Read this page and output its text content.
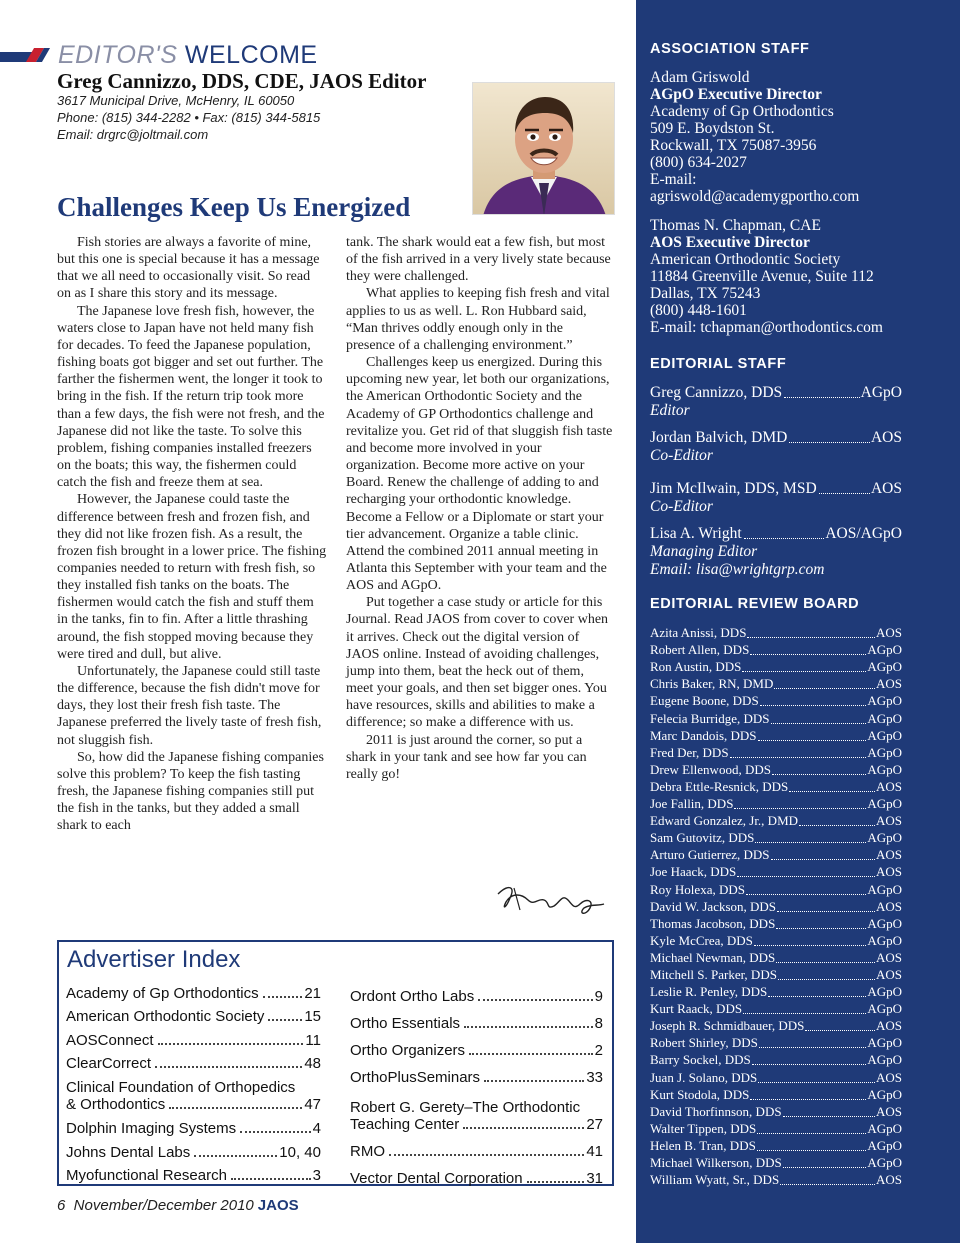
EDITOR'S WELCOME
Greg Cannizzo, DDS, CDE, JAOS Editor
3617 Municipal Drive, McHenry, IL 60050
Phone: (815) 344-2282 • Fax: (815) 344-5815
Email: drgrc@joltmail.com
Challenges Keep Us Energized

Fish stories are always a favorite of mine, but this one is special because it has a message that we all need to occasionally visit. So read on as I share this story and its message.

The Japanese love fresh fish, however, the waters close to Japan have not held many fish for decades. To feed the Japanese population, fishing boats got bigger and set out further. The farther the fishermen went, the longer it took to bring in the fish. If the return trip took more than a few days, the fish were not fresh, and the Japanese did not like the taste. To solve this problem, fishing companies installed freezers on the boats; this way, the fishermen could catch the fish and freeze them at sea.

However, the Japanese could taste the difference between fresh and frozen fish, and they did not like frozen fish. As a result, the frozen fish brought in a lower price. The fishing companies needed to return with fresh fish, so they installed fish tanks on the boats. The fishermen would catch the fish and stuff them in the tanks, fin to fin. After a little thrashing around, the fish stopped moving because they were tired and dull, but alive.

Unfortunately, the Japanese could still taste the difference, because the fish didn't move for days, they lost their fresh fish taste. The Japanese preferred the lively taste of fresh fish, not sluggish fish.

So, how did the Japanese fishing companies solve this problem? To keep the fish tasting fresh, the Japanese fishing companies still put the fish in the tanks, but they added a small shark to each

tank. The shark would eat a few fish, but most of the fish arrived in a very lively state because they were challenged.

What applies to keeping fish fresh and vital applies to us as well. L. Ron Hubbard said, “Man thrives oddly enough only in the presence of a challenging environment.”

Challenges keep us energized. During this upcoming new year, let both our organizations, the American Orthodontic Society and the Academy of GP Orthodontics challenge and revitalize you. Get rid of that sluggish fish taste and become more involved in your organization. Become more active on your Board. Renew the challenge of adding to and recharging your orthodontic knowledge. Become a Fellow or a Diplomate or start your tier advancement. Organize a table clinic. Attend the combined 2011 annual meeting in Atlanta this September with your team and the AOS and AGpO.

Put together a case study or article for this Journal. Read JAOS from cover to cover when it arrives. Check out the digital version of JAOS online. Instead of avoiding challenges, jump into them, beat the heck out of them, meet your goals, and then set bigger ones. You have resources, skills and abilities to make a difference; so make a difference with us.

2011 is just around the corner, so put a shark in your tank and see how far you can really go!

Advertiser Index
Academy of Gp Orthodontics	21
American Orthodontic Society	15
AOSConnect	11
ClearCorrect	48
Clinical Foundation of Orthopedics
& Orthodontics	47
Dolphin Imaging Systems	4
Johns Dental Labs	10, 40
Myofunctional Research	3
Ordont Ortho Labs	9
Ortho Essentials	8
Ortho Organizers	2
OrthoPlusSeminars	33
Robert G. Gerety–The Orthodontic
Teaching Center	27
RMO	41
Vector Dental Corporation	31
6  November/December 2010 JAOS
ASSOCIATION STAFF
Adam Griswold
AGpO Executive Director
Academy of Gp Orthodontics
509 E. Boydston St.
Rockwall, TX 75087-3956
(800) 634-2027
E-mail:
agriswold@academygportho.com
Thomas N. Chapman, CAE
AOS Executive Director
American Orthodontic Society
11884 Greenville Avenue, Suite 112
Dallas, TX 75243
(800) 448-1601
E-mail: tchapman@orthodontics.com
EDITORIAL STAFF
Greg Cannizzo, DDS	AGpO
Editor
Jordan Balvich, DMD	AOS
Co-Editor
Jim McIlwain, DDS, MSD	AOS
Co-Editor
Lisa A. Wright	AOS/AGpO
Managing Editor
Email: lisa@wrightgrp.com
EDITORIAL REVIEW BOARD
Azita Anissi, DDS	AOS
Robert Allen, DDS	AGpO
Ron Austin, DDS	AGpO
Chris Baker, RN, DMD	AOS
Eugene Boone, DDS	AGpO
Felecia Burridge, DDS	AGpO
Marc Dandois, DDS	AGpO
Fred Der, DDS	AGpO
Drew Ellenwood, DDS	AGpO
Debra Ettle-Resnick, DDS	AOS
Joe Fallin, DDS	AGpO
Edward Gonzalez, Jr., DMD	AOS
Sam Gutovitz, DDS	AGpO
Arturo Gutierrez, DDS	AOS
Joe Haack, DDS	AOS
Roy Holexa, DDS	AGpO
David W. Jackson, DDS	AOS
Thomas Jacobson, DDS	AGpO
Kyle McCrea, DDS	AGpO
Michael Newman, DDS	AOS
Mitchell S. Parker, DDS	AOS
Leslie R. Penley, DDS	AGpO
Kurt Raack, DDS	AGpO
Joseph R. Schmidbauer, DDS	AOS
Robert Shirley, DDS	AGpO
Barry Sockel, DDS	AGpO
Juan J. Solano, DDS	AOS
Kurt Stodola, DDS	AGpO
David Thorfinnson, DDS	AOS
Walter Tippen, DDS	AGpO
Helen B. Tran, DDS	AGpO
Michael Wilkerson, DDS	AGpO
William Wyatt, Sr., DDS	AOS
